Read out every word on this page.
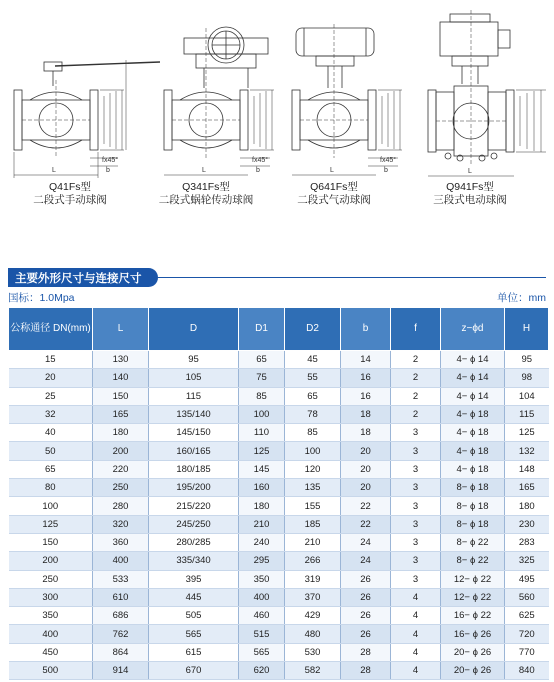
L	L	L	L
fx45°	fx45°	fx45°
b	b	b
Q41Fs型
二段式手动球阀
Q341Fs型
二段式蜗轮传动球阀
Q641Fs型
二段式气动球阀
Q941Fs型
三段式电动球阀
主要外形尺寸与连接尺寸
国标：1.0Mpa	单位：mm
公称通径 DN(mm)	L	D	D1	D2	b	f	z−ϕd	H
15	130	95	65	45	14	2	4− ϕ 14	95
20	140	105	75	55	16	2	4− ϕ 14	98
25	150	115	85	65	16	2	4− ϕ 14	104
32	165	135/140	100	78	18	2	4− ϕ 18	115
40	180	145/150	110	85	18	3	4− ϕ 18	125
50	200	160/165	125	100	20	3	4− ϕ 18	132
65	220	180/185	145	120	20	3	4− ϕ 18	148
80	250	195/200	160	135	20	3	8− ϕ 18	165
100	280	215/220	180	155	22	3	8− ϕ 18	180
125	320	245/250	210	185	22	3	8− ϕ 18	230
150	360	280/285	240	210	24	3	8− ϕ 22	283
200	400	335/340	295	266	24	3	8− ϕ 22	325
250	533	395	350	319	26	3	12− ϕ 22	495
300	610	445	400	370	26	4	12− ϕ 22	560
350	686	505	460	429	26	4	16− ϕ 22	625
400	762	565	515	480	26	4	16− ϕ 26	720
450	864	615	565	530	28	4	20− ϕ 26	770
500	914	670	620	582	28	4	20− ϕ 26	840
